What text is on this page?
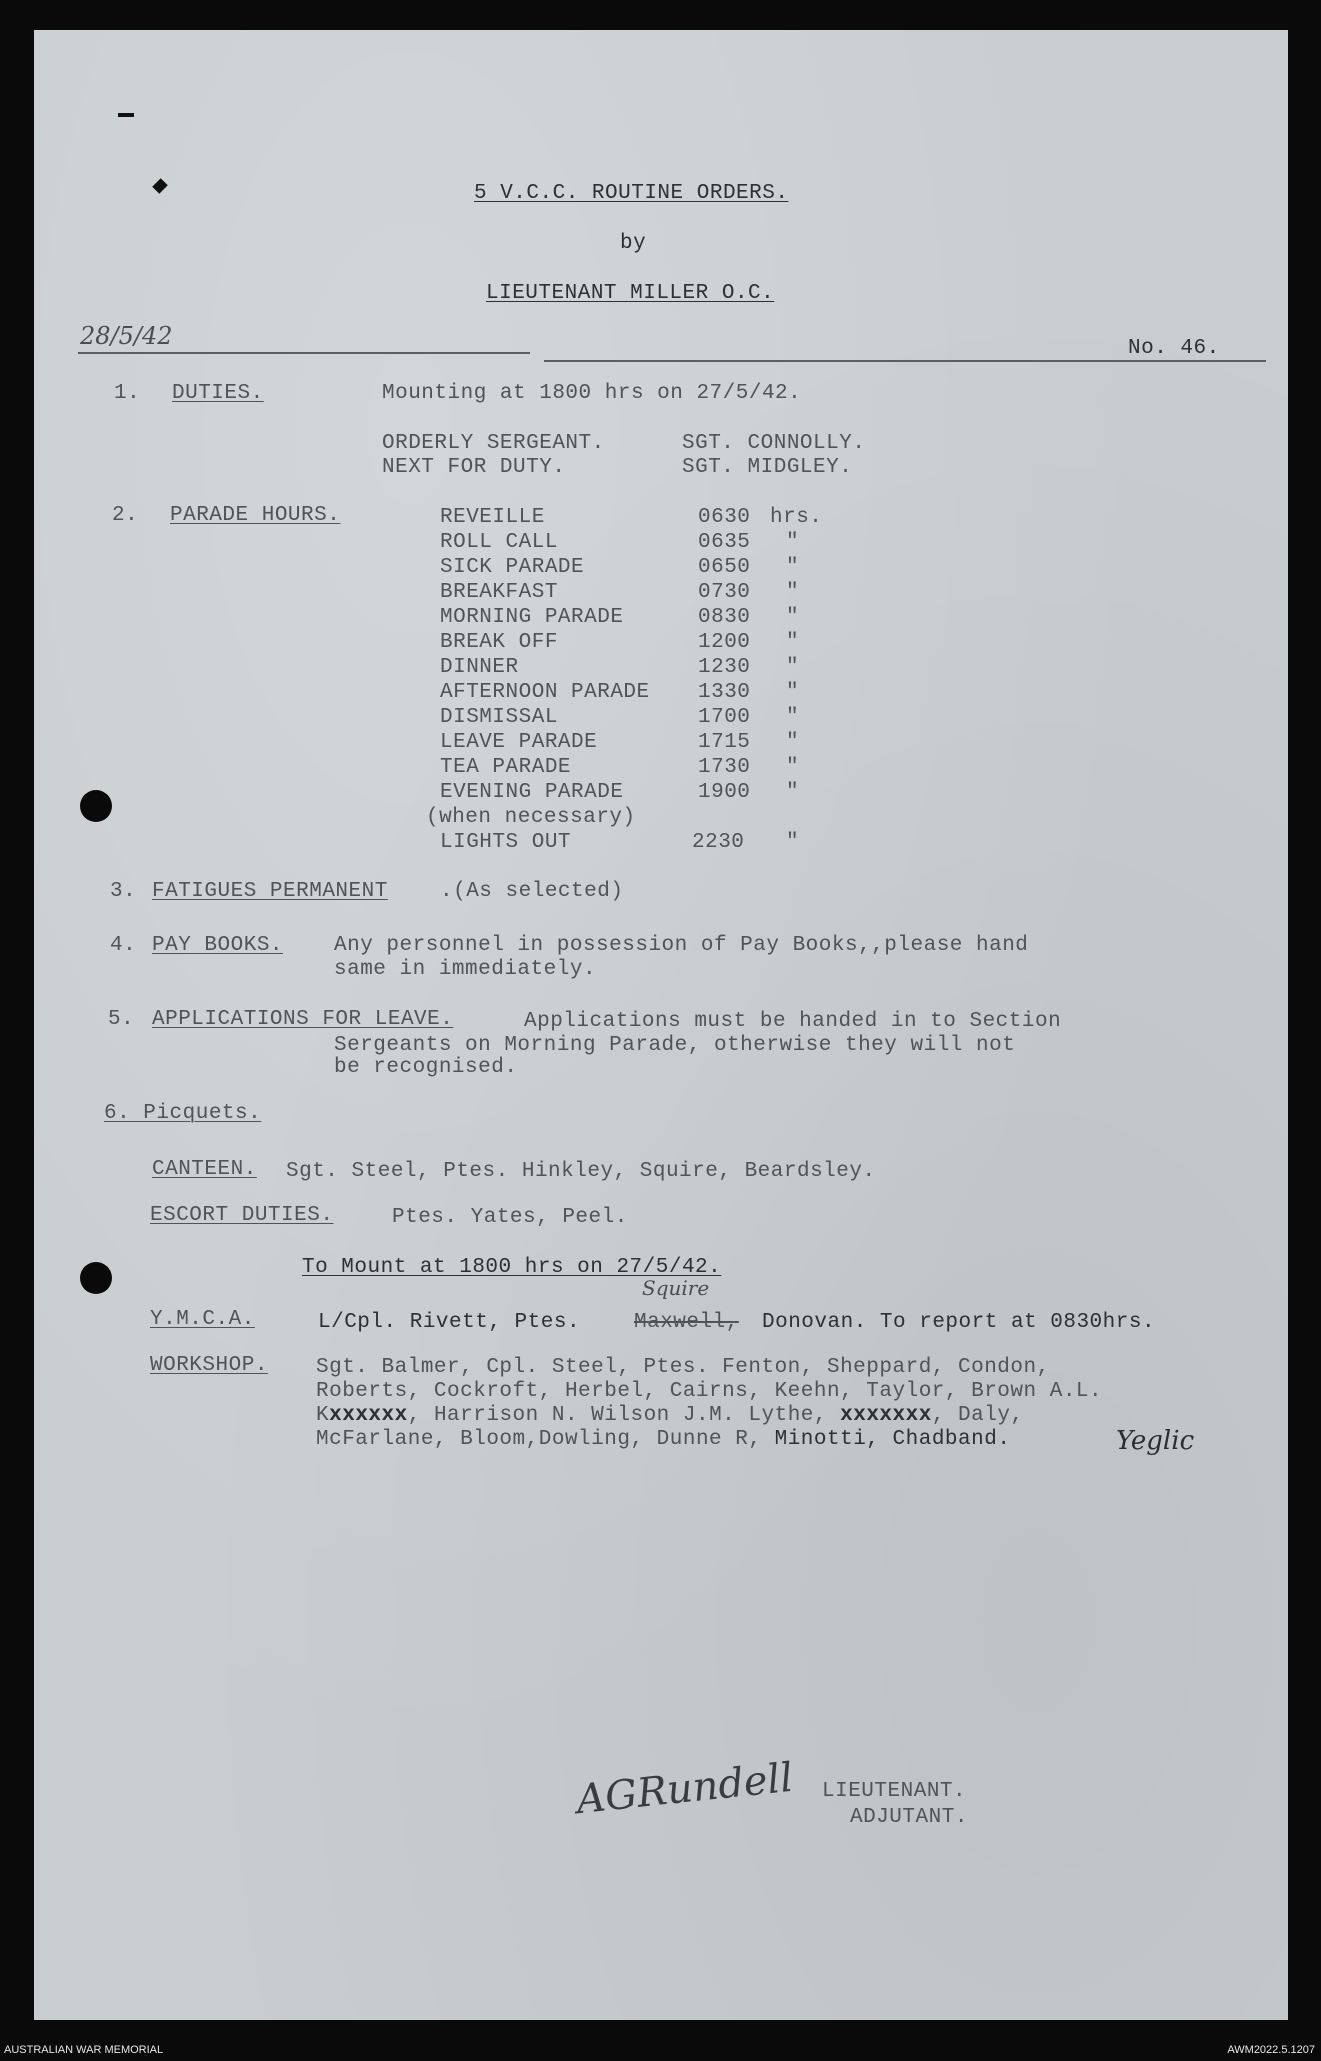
5 V.C.C. ROUTINE ORDERS.
by
LIEUTENANT MILLER O.C.
28/5/42	No. 46.
1. DUTIES.	Mounting at 1800 hrs on 27/5/42.
ORDERLY SERGEANT.	SGT. CONNOLLY.
NEXT FOR DUTY.	SGT. MIDGLEY.
2. PARADE HOURS.	REVEILLE	0630 hrs.
ROLL CALL	0635 "
SICK PARADE	0650 "
BREAKFAST	0730 "
MORNING PARADE	0830 "
BREAK OFF	1200 "
DINNER	1230 "
AFTERNOON PARADE 1330 "
DISMISSAL	1700 "
LEAVE PARADE	1715 "
TEA PARADE	1730 "
EVENING PARADE	1900 "
(when necessary)
LIGHTS OUT	2230 "
3. FATIGUES PERMANENT .(As selected)
4. PAY BOOKS. Any personnel in possession of Pay Books,,please hand
same in immediately.
5. APPLICATIONS FOR LEAVE.	Applications must be handed in to Section
Sergeants on Morning Parade, otherwise they will not
be recognised.
6. Picquets.
CANTEEN. Sgt. Steel, Ptes. Hinkley, Squire, Beardsley.
ESCORT DUTIES.	Ptes. Yates, Peel.
To Mount at 1800 hrs on 27/5/42.
Y.M.C.A.	L/Cpl. Rivett, Ptes.	Maxwell,
Squire
Donovan. To report at 0830hrs.
WORKSHOP. Sgt. Balmer, Cpl. Steel, Ptes. Fenton, Sheppard, Condon,
Roberts, Cockroft, Herbel, Cairns, Keehn, Taylor, Brown A.L.
Kxxxxxx, Harrison N. Wilson J.M. Lythe, xxxxxxx, Daly,
McFarlane, Bloom,Dowling, Dunne R, Minotti, Chadband.	Yeglic
AGRundell LIEUTENANT.
ADJUTANT.
AUSTRALIAN WAR MEMORIAL	AWM2022.5.1207
